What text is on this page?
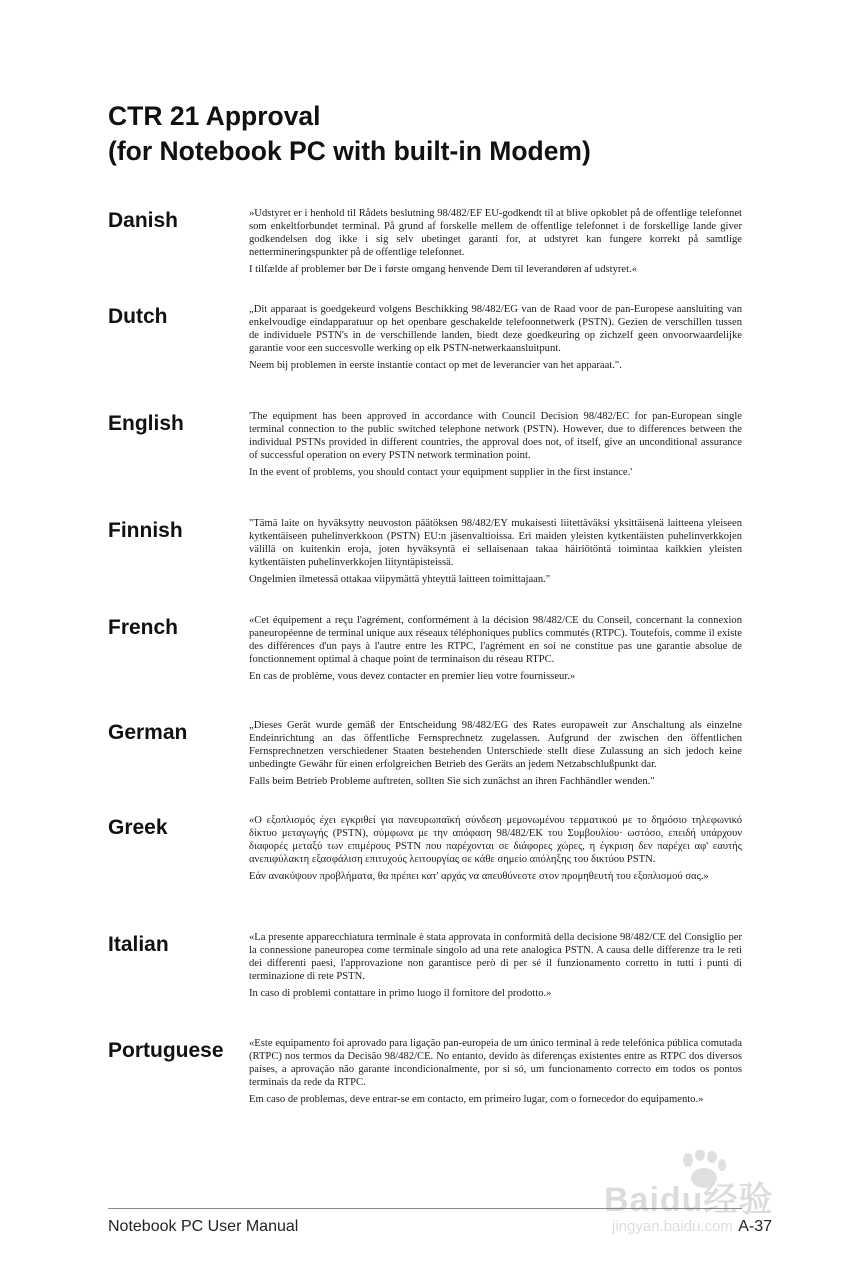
CTR 21 Approval
(for Notebook PC with built-in Modem)
Danish	»Udstyret er i henhold til Rådets beslutning 98/482/EF EU-godkendt til at blive opkoblet på de offentlige telefonnet som enkeltforbundet terminal. På grund af forskelle mellem de offentlige telefonnet i de forskellige lande giver godkendelsen dog ikke i sig selv ubetinget garanti for, at udstyret kan fungere korrekt på samtlige nettermineringspunkter på de offentlige telefonnet.

I tilfælde af problemer bør De i første omgang henvende Dem til leverandøren af udstyret.«

Dutch	„Dit apparaat is goedgekeurd volgens Beschikking 98/482/EG van de Raad voor de pan-Europese aansluiting van enkelvoudige eindapparatuur op het openbare geschakelde telefoonnetwerk (PSTN). Gezien de verschillen tussen de individuele PSTN's in de verschillende landen, biedt deze goedkeuring op zichzelf geen onvoorwaardelijke garantie voor een succesvolle werking op elk PSTN-netwerkaansluitpunt.

Neem bij problemen in eerste instantie contact op met de leverancier van het apparaat.".

English	'The equipment has been approved in accordance with Council Decision 98/482/EC for pan-European single terminal connection to the public switched telephone network (PSTN). However, due to differences between the individual PSTNs provided in different countries, the approval does not, of itself, give an unconditional assurance of successful operation on every PSTN network termination point.

In the event of problems, you should contact your equipment supplier in the first instance.'

Finnish	"Tämä laite on hyväksytty neuvoston päätöksen 98/482/EY mukaisesti liitettäväksi yksittäisenä laitteena yleiseen kytkentäiseen puhelinverkkoon (PSTN) EU:n jäsenvaltioissa. Eri maiden yleisten kytkentäisten puhelinverkkojen välillä on kuitenkin eroja, joten hyväksyntä ei sellaisenaan takaa häiriötöntä toimintaa kaikkien yleisten kytkentäisten puhelinverkkojen liityntäpisteissä.

Ongelmien ilmetessä ottakaa viipymättä yhteyttä laitteen toimittajaan."

French	«Cet équipement a reçu l'agrément, conformément à la décision 98/482/CE du Conseil, concernant la connexion paneuropéenne de terminal unique aux réseaux téléphoniques publics commutés (RTPC). Toutefois, comme il existe des différences d'un pays à l'autre entre les RTPC, l'agrément en soi ne constitue pas une garantie absolue de fonctionnement optimal à chaque point de terminaison du réseau RTPC.

En cas de problème, vous devez contacter en premier lieu votre fournisseur.»

German	„Dieses Gerät wurde gemäß der Entscheidung 98/482/EG des Rates europaweit zur Anschaltung als einzelne Endeinrichtung an das öffentliche Fernsprechnetz zugelassen. Aufgrund der zwischen den öffentlichen Fernsprechnetzen verschiedener Staaten bestehenden Unterschiede stellt diese Zulassung an sich jedoch keine unbedingte Gewähr für einen erfolgreichen Betrieb des Geräts an jedem Netzabschlußpunkt dar.

Falls beim Betrieb Probleme auftreten, sollten Sie sich zunächst an ihren Fachhändler wenden."

Greek	«Ο εξοπλισμός έχει εγκριθεί για πανευρωπαϊκή σύνδεση μεμονωμένου τερματικού με το δημόσιο τηλεφωνικό δίκτυο μεταγωγής (PSTN), σύμφωνα με την απόφαση 98/482/ΕΚ του Συμβουλίου· ωστόσο, επειδή υπάρχουν διαφορές μεταξύ των επιμέρους PSTN που παρέχονται σε διάφορες χώρες, η έγκριση δεν παρέχει αφ' εαυτής ανεπιφύλακτη εξασφάλιση επιτυχούς λειτουργίας σε κάθε σημείο απόληξης του δικτύου PSTN.

Εάν ανακύψουν προβλήματα, θα πρέπει κατ' αρχάς να απευθύνεστε στον προμηθευτή του εξοπλισμού σας.»

Italian	«La presente apparecchiatura terminale è stata approvata in conformità della decisione 98/482/CE del Consiglio per la connessione paneuropea come terminale singolo ad una rete analogica PSTN. A causa delle differenze tra le reti dei differenti paesi, l'approvazione non garantisce però di per sé il funzionamento corretto in tutti i punti di terminazione di rete PSTN.

In caso di problemi contattare in primo luogo il fornitore del prodotto.»

Portuguese «Este equipamento foi aprovado para ligação pan-europeia de um único terminal à rede telefónica pública comutada (RTPC) nos termos da Decisão 98/482/CE. No entanto, devido às diferenças existentes entre as RTPC dos diversos países, a aprovação não garante incondicionalmente, por si só, um funcionamento correcto em todos os pontos terminais da rede da RTPC.

Em caso de problemas, deve entrar-se em contacto, em primeiro lugar, com o fornecedor do equipamento.»

Notebook PC User Manual	A-37
Baidu经验
jingyan.baidu.com
